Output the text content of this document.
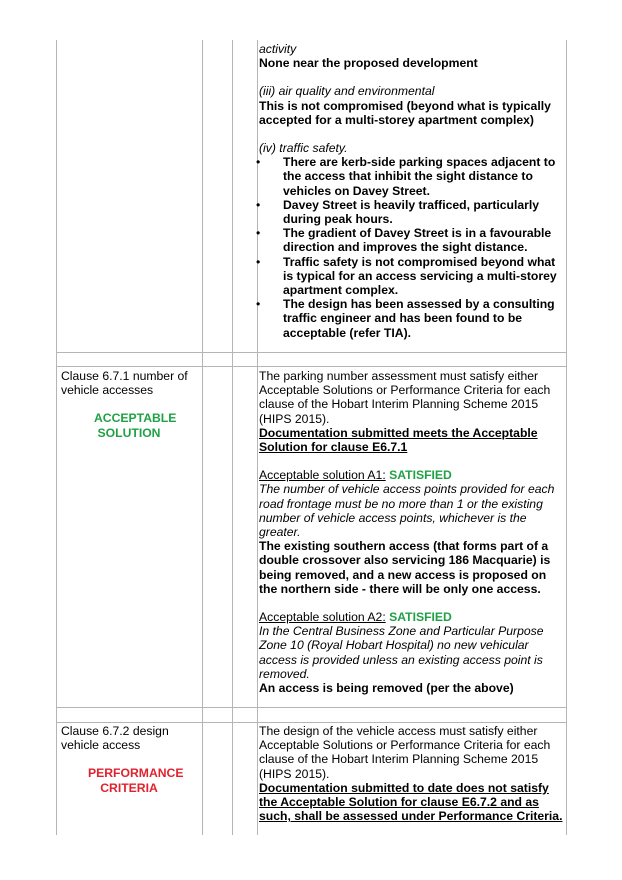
activity

None near the proposed development

(iii) air quality and environmental

This is not compromised (beyond what is typically accepted for a multi-storey apartment complex)

(iv) traffic safety.

• There are kerb-side parking spaces adjacent to the access that inhibit the sight distance to vehicles on Davey Street.
• Davey Street is heavily trafficed, particularly during peak hours.
• The gradient of Davey Street is in a favourable direction and improves the sight distance.
• Traffic safety is not compromised beyond what is typical for an access servicing a multi-storey apartment complex.
• The design has been assessed by a consulting traffic engineer and has been found to be acceptable (refer TIA).

Clause 6.7.1 number of vehicle accesses

ACCEPTABLE SOLUTION

The parking number assessment must satisfy either Acceptable Solutions or Performance Criteria for each clause of the Hobart Interim Planning Scheme 2015 (HIPS 2015).

Documentation submitted meets the Acceptable Solution for clause E6.7.1

Acceptable solution A1: SATISFIED

The number of vehicle access points provided for each road frontage must be no more than 1 or the existing number of vehicle access points, whichever is the greater.

The existing southern access (that forms part of a double crossover also servicing 186 Macquarie) is being removed, and a new access is proposed on the northern side - there will be only one access.

Acceptable solution A2: SATISFIED

In the Central Business Zone and Particular Purpose Zone 10 (Royal Hobart Hospital) no new vehicular access is provided unless an existing access point is removed.

An access is being removed (per the above)

Clause 6.7.2 design vehicle access

PERFORMANCE CRITERIA

The design of the vehicle access must satisfy either Acceptable Solutions or Performance Criteria for each clause of the Hobart Interim Planning Scheme 2015 (HIPS 2015).

Documentation submitted to date does not satisfy the Acceptable Solution for clause E6.7.2 and as such, shall be assessed under Performance Criteria.
